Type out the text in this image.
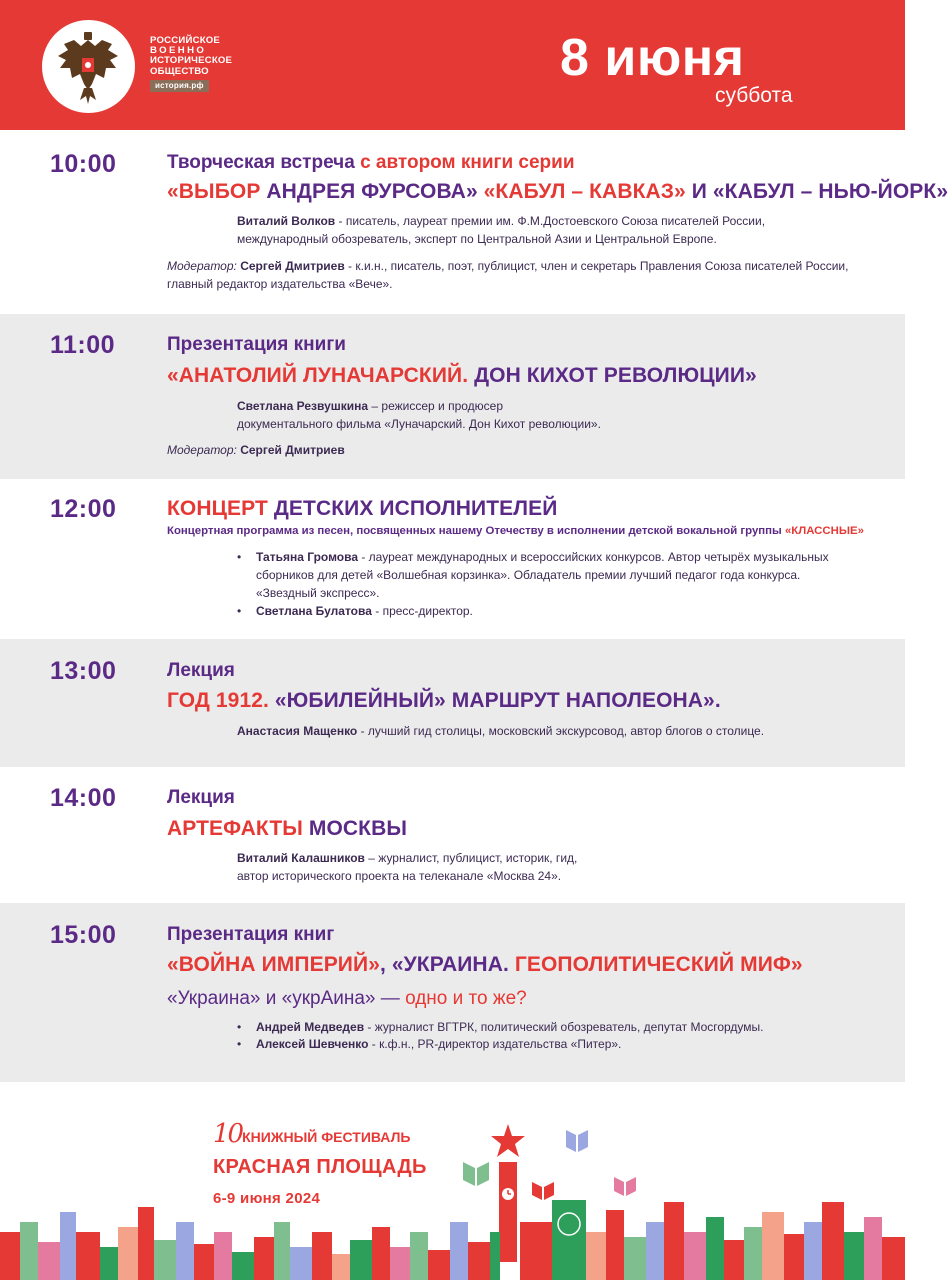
РОССИЙСКОЕ
ВОЕННО
ИСТОРИЧЕСКОЕ
ОБЩЕСТВО
история.рф	8 июня
суббота
10:00	Творческая встреча с автором книги серии
«ВЫБОР АНДРЕЯ ФУРСОВА» «КАБУЛ – КАВКАЗ» И «КАБУЛ – НЬЮ-ЙОРК»
Виталий Волков - писатель, лауреат премии им. Ф.М.Достоевского Союза писателей России,
международный обозреватель, эксперт по Центральной Азии и Центральной Европе.
Модератор: Сергей Дмитриев - к.и.н., писатель, поэт, публицист, член и секретарь Правления Союза писателей России,
главный редактор издательства «Вече».
11:00	Презентация книги
«АНАТОЛИЙ ЛУНАЧАРСКИЙ. ДОН КИХОТ РЕВОЛЮЦИИ»
Светлана Резвушкина – режиссер и продюсер
документального фильма «Луначарский. Дон Кихот революции».
Модератор: Сергей Дмитриев
12:00 КОНЦЕРТ ДЕТСКИХ ИСПОЛНИТЕЛЕЙ
Концертная программа из песен, посвященных нашему Отечеству в исполнении детской вокальной группы «КЛАССНЫЕ»
• Татьяна Громова - лауреат международных и всероссийских конкурсов. Автор четырёх музыкальных
сборников для детей «Волшебная корзинка». Обладатель премии лучший педагог года конкурса.
«Звездный экспресс».
• Светлана Булатова - пресс-директор.
13:00	Лекция
ГОД 1912. «ЮБИЛЕЙНЫЙ» МАРШРУТ НАПОЛЕОНА».
Анастасия Мащенко - лучший гид столицы, московский экскурсовод, автор блогов о столице.
14:00	Лекция
АРТЕФАКТЫ МОСКВЫ
Виталий Калашников – журналист, публицист, историк, гид,
автор исторического проекта на телеканале «Москва 24».
15:00	Презентация книг
«ВОЙНА ИМПЕРИЙ», «УКРАИНА. ГЕОПОЛИТИЧЕСКИЙ МИФ»
«Украина» и «укрАина» — одно и то же?
• Андрей Медведев - журналист ВГТРК, политический обозреватель, депутат Мосгордумы.
• Алексей Шевченко - к.ф.н., PR-директор издательства «Питер».
10КНИЖНЫЙ ФЕСТИВАЛЬ
КРАСНАЯ ПЛОЩАДЬ
6-9 июня 2024
